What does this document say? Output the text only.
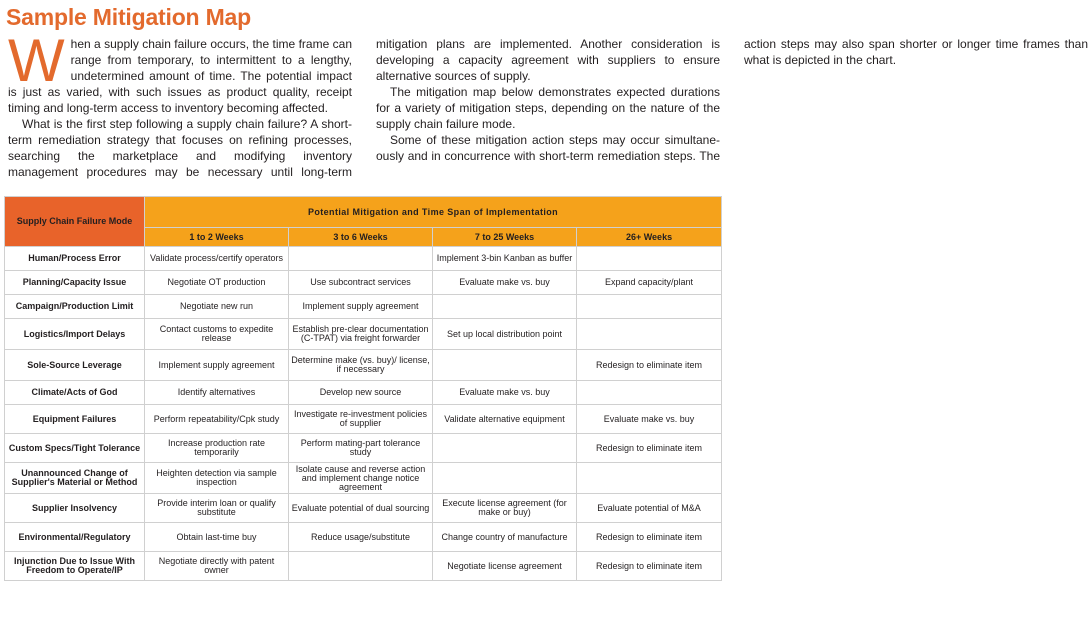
Sample Mitigation Map

When a supply chain failure occurs, the time frame can range from temporary, to intermittent to a lengthy, undetermined amount of time. The potential impact is just as varied, with such issues as product quality, receipt timing and long-term access to inventory becoming affected.

What is the first step following a supply chain failure? A short-term remediation strategy that focuses on refining processes, searching the marketplace and modifying inventory management procedures may be necessary until long-term mitigation plans are implemented. Another consideration is developing a capacity agreement with suppliers to ensure alternative sources of supply.

The mitigation map below demonstrates expected durations for a variety of mitigation steps, depending on the nature of the supply chain failure mode.

Some of these mitigation action steps may occur simultane-ously and in concurrence with short-term remediation steps. The action steps may also span shorter or longer time frames than what is depicted in the chart.

Supply Chain Failure Mode	Potential Mitigation and Time Span of Implementation			
	1 to 2 Weeks	3 to 6 Weeks	7 to 25 Weeks	26+ Weeks
Human/Process Error	Validate process/certify operators		Implement 3-bin Kanban as buffer	
Planning/Capacity Issue	Negotiate OT production	Use subcontract services	Evaluate make vs. buy	Expand capacity/plant
Campaign/Production Limit	Negotiate new run	Implement supply agreement		
Logistics/Import Delays	Contact customs to expedite release	Establish pre-clear documentation (C-TPAT) via freight forwarder	Set up local distribution point	
Sole-Source Leverage	Implement supply agreement	Determine make (vs. buy)/ license, if necessary		Redesign to eliminate item
Climate/Acts of God	Identify alternatives	Develop new source	Evaluate make vs. buy	
Equipment Failures	Perform repeatability/Cpk study	Investigate re-investment policies of supplier	Validate alternative equipment	Evaluate make vs. buy
Custom Specs/Tight Tolerance	Increase production rate temporarily	Perform mating-part tolerance study		Redesign to eliminate item
Unannounced Change of Supplier's Material or Method	Heighten detection via sample inspection	Isolate cause and reverse action and implement change notice agreement		
Supplier Insolvency	Provide interim loan or qualify substitute	Evaluate potential of dual sourcing	Execute license agreement (for make or buy)	Evaluate potential of M&A
Environmental/Regulatory	Obtain last-time buy	Reduce usage/substitute	Change country of manufacture	Redesign to eliminate item
Injunction Due to Issue With Freedom to Operate/IP	Negotiate directly with patent owner		Negotiate license agreement	Redesign to eliminate item
